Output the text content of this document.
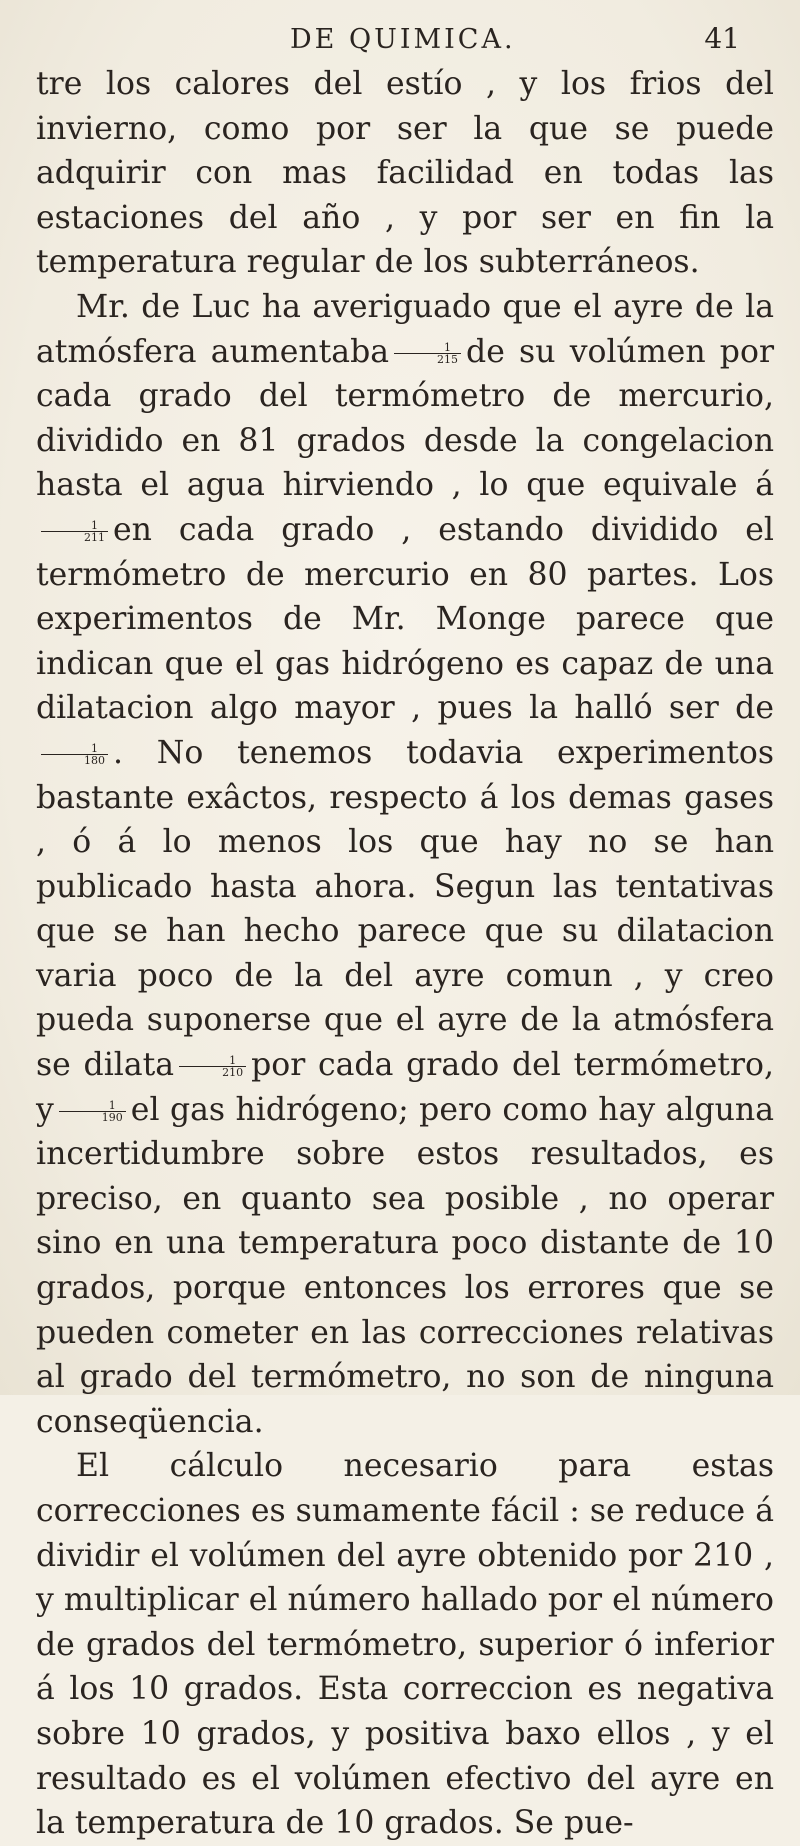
DE QUIMICA.	41

tre los calores del estío , y los frios del invierno, como por ser la que se puede adquirir con mas facilidad en todas las estaciones del año , y por ser en fin la temperatura regular de los subterráneos.

Mr. de Luc ha averiguado que el ayre de la atmósfera aumentaba $\frac{1}{215}$ de su volúmen por cada grado del termómetro de mercurio, dividido en 81 grados desde la congelacion hasta el agua hirviendo , lo que equivale á
$\frac{1}{211}$ en cada grado , estando dividido el termómetro de mercurio en 80 partes. Los experimentos de Mr. Monge parece que indican que el gas hidrógeno es capaz de una dilatacion algo mayor , pues la halló ser de
$\frac{1}{180}$ . No tenemos todavia experimentos bastante exâctos, respecto á los demas gases , ó á lo menos los que hay no se han publicado hasta ahora. Segun las tentativas que se han hecho parece que su dilatacion varia poco de la del ayre comun , y creo pueda suponerse que el ayre de la atmósfera se dilata $\frac{1}{210}$ por cada grado del termómetro, y $\frac{1}{190}$ el gas hidrógeno; pero como hay alguna incertidumbre sobre estos resultados, es preciso, en quanto sea posible , no operar sino en una temperatura poco distante de 10 grados, porque entonces los errores que se pueden cometer en las correcciones relativas al grado del termómetro, no son de ninguna conseqüencia.

El cálculo necesario para estas correcciones es sumamente fácil : se reduce á dividir el volúmen del ayre obtenido por 210 , y multiplicar el número hallado por el número de grados del termómetro, superior ó inferior á los 10 grados. Esta correccion es negativa sobre 10 grados, y positiva baxo ellos , y el resultado es el volúmen efectivo del ayre en la temperatura de 10 grados. Se pue-
